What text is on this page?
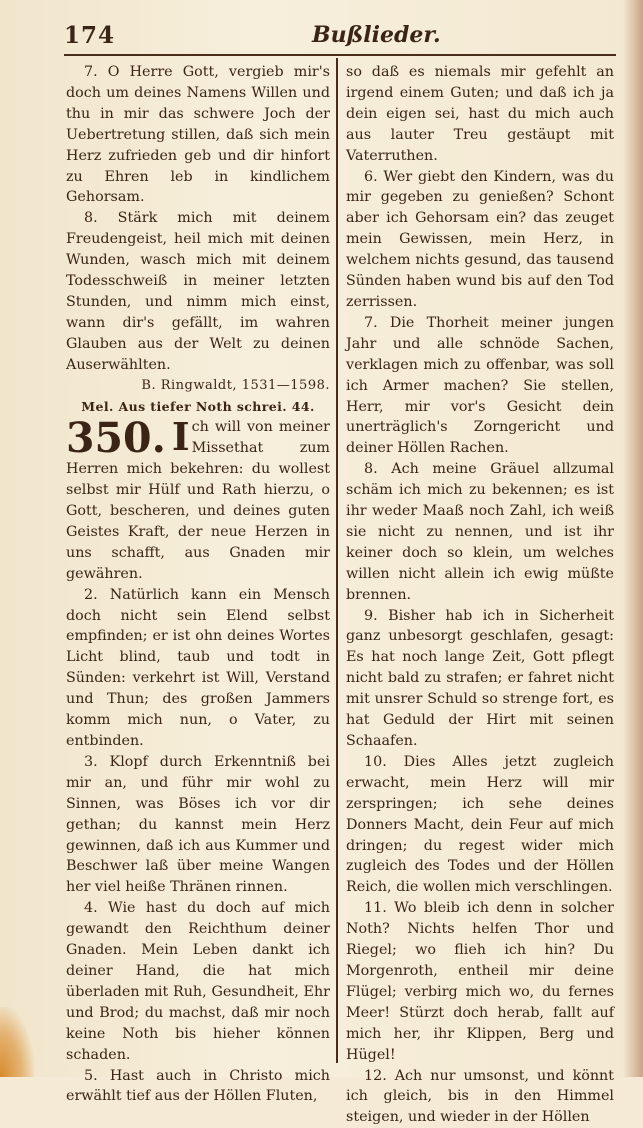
174	Bußlieder.

7. O Herre Gott, vergieb mir's doch um deines Namens Willen und thu in mir das schwere Joch der Uebertretung stillen, daß sich mein Herz zufrieden geb und dir hinfort zu Ehren leb in kindlichem Gehorsam.

8. Stärk mich mit deinem Freudengeist, heil mich mit deinen Wunden, wasch mich mit deinem Todesschweiß in meiner letzten Stunden, und nimm mich einst, wann dir's gefällt, im wahren Glauben aus der Welt zu deinen Auserwählten.

B. Ringwaldt, 1531—1598.

Mel. Aus tiefer Noth schrei. 44.

350. I ch will von meiner Missethat zum Herren mich bekehren: du wollest selbst mir Hülf und Rath hierzu, o Gott, bescheren, und deines guten Geistes Kraft, der neue Herzen in uns schafft, aus Gnaden mir gewähren.

2. Natürlich kann ein Mensch doch nicht sein Elend selbst empfinden; er ist ohn deines Wortes Licht blind, taub und todt in Sünden: verkehrt ist Will, Verstand und Thun; des großen Jammers komm mich nun, o Vater, zu entbinden.

3. Klopf durch Erkenntniß bei mir an, und führ mir wohl zu Sinnen, was Böses ich vor dir gethan; du kannst mein Herz gewinnen, daß ich aus Kummer und Beschwer laß über meine Wangen her viel heiße Thränen rinnen.

4. Wie hast du doch auf mich gewandt den Reichthum deiner Gnaden. Mein Leben dankt ich deiner Hand, die hat mich überladen mit Ruh, Gesundheit, Ehr und Brod; du machst, daß mir noch keine Noth bis hieher können schaden.

5. Hast auch in Christo mich erwählt tief aus der Höllen Fluten,

so daß es niemals mir gefehlt an irgend einem Guten; und daß ich ja dein eigen sei, hast du mich auch aus lauter Treu gestäupt mit Vaterruthen.

6. Wer giebt den Kindern, was du mir gegeben zu genießen? Schont aber ich Gehorsam ein? das zeuget mein Gewissen, mein Herz, in welchem nichts gesund, das tausend Sünden haben wund bis auf den Tod zerrissen.

7. Die Thorheit meiner jungen Jahr und alle schnöde Sachen, verklagen mich zu offenbar, was soll ich Armer machen? Sie stellen, Herr, mir vor's Gesicht dein unerträglich's Zorngericht und deiner Höllen Rachen.

8. Ach meine Gräuel allzumal schäm ich mich zu bekennen; es ist ihr weder Maaß noch Zahl, ich weiß sie nicht zu nennen, und ist ihr keiner doch so klein, um welches willen nicht allein ich ewig müßte brennen.

9. Bisher hab ich in Sicherheit ganz unbesorgt geschlafen, gesagt: Es hat noch lange Zeit, Gott pflegt nicht bald zu strafen; er fahret nicht mit unsrer Schuld so strenge fort, es hat Geduld der Hirt mit seinen Schaafen.

10. Dies Alles jetzt zugleich erwacht, mein Herz will mir zerspringen; ich sehe deines Donners Macht, dein Feur auf mich dringen; du regest wider mich zugleich des Todes und der Höllen Reich, die wollen mich verschlingen.

11. Wo bleib ich denn in solcher Noth? Nichts helfen Thor und Riegel; wo flieh ich hin? Du Morgenroth, entheil mir deine Flügel; verbirg mich wo, du fernes Meer! Stürzt doch herab, fallt auf mich her, ihr Klippen, Berg und Hügel!

12. Ach nur umsonst, und könnt ich gleich, bis in den Himmel steigen, und wieder in der Höllen
